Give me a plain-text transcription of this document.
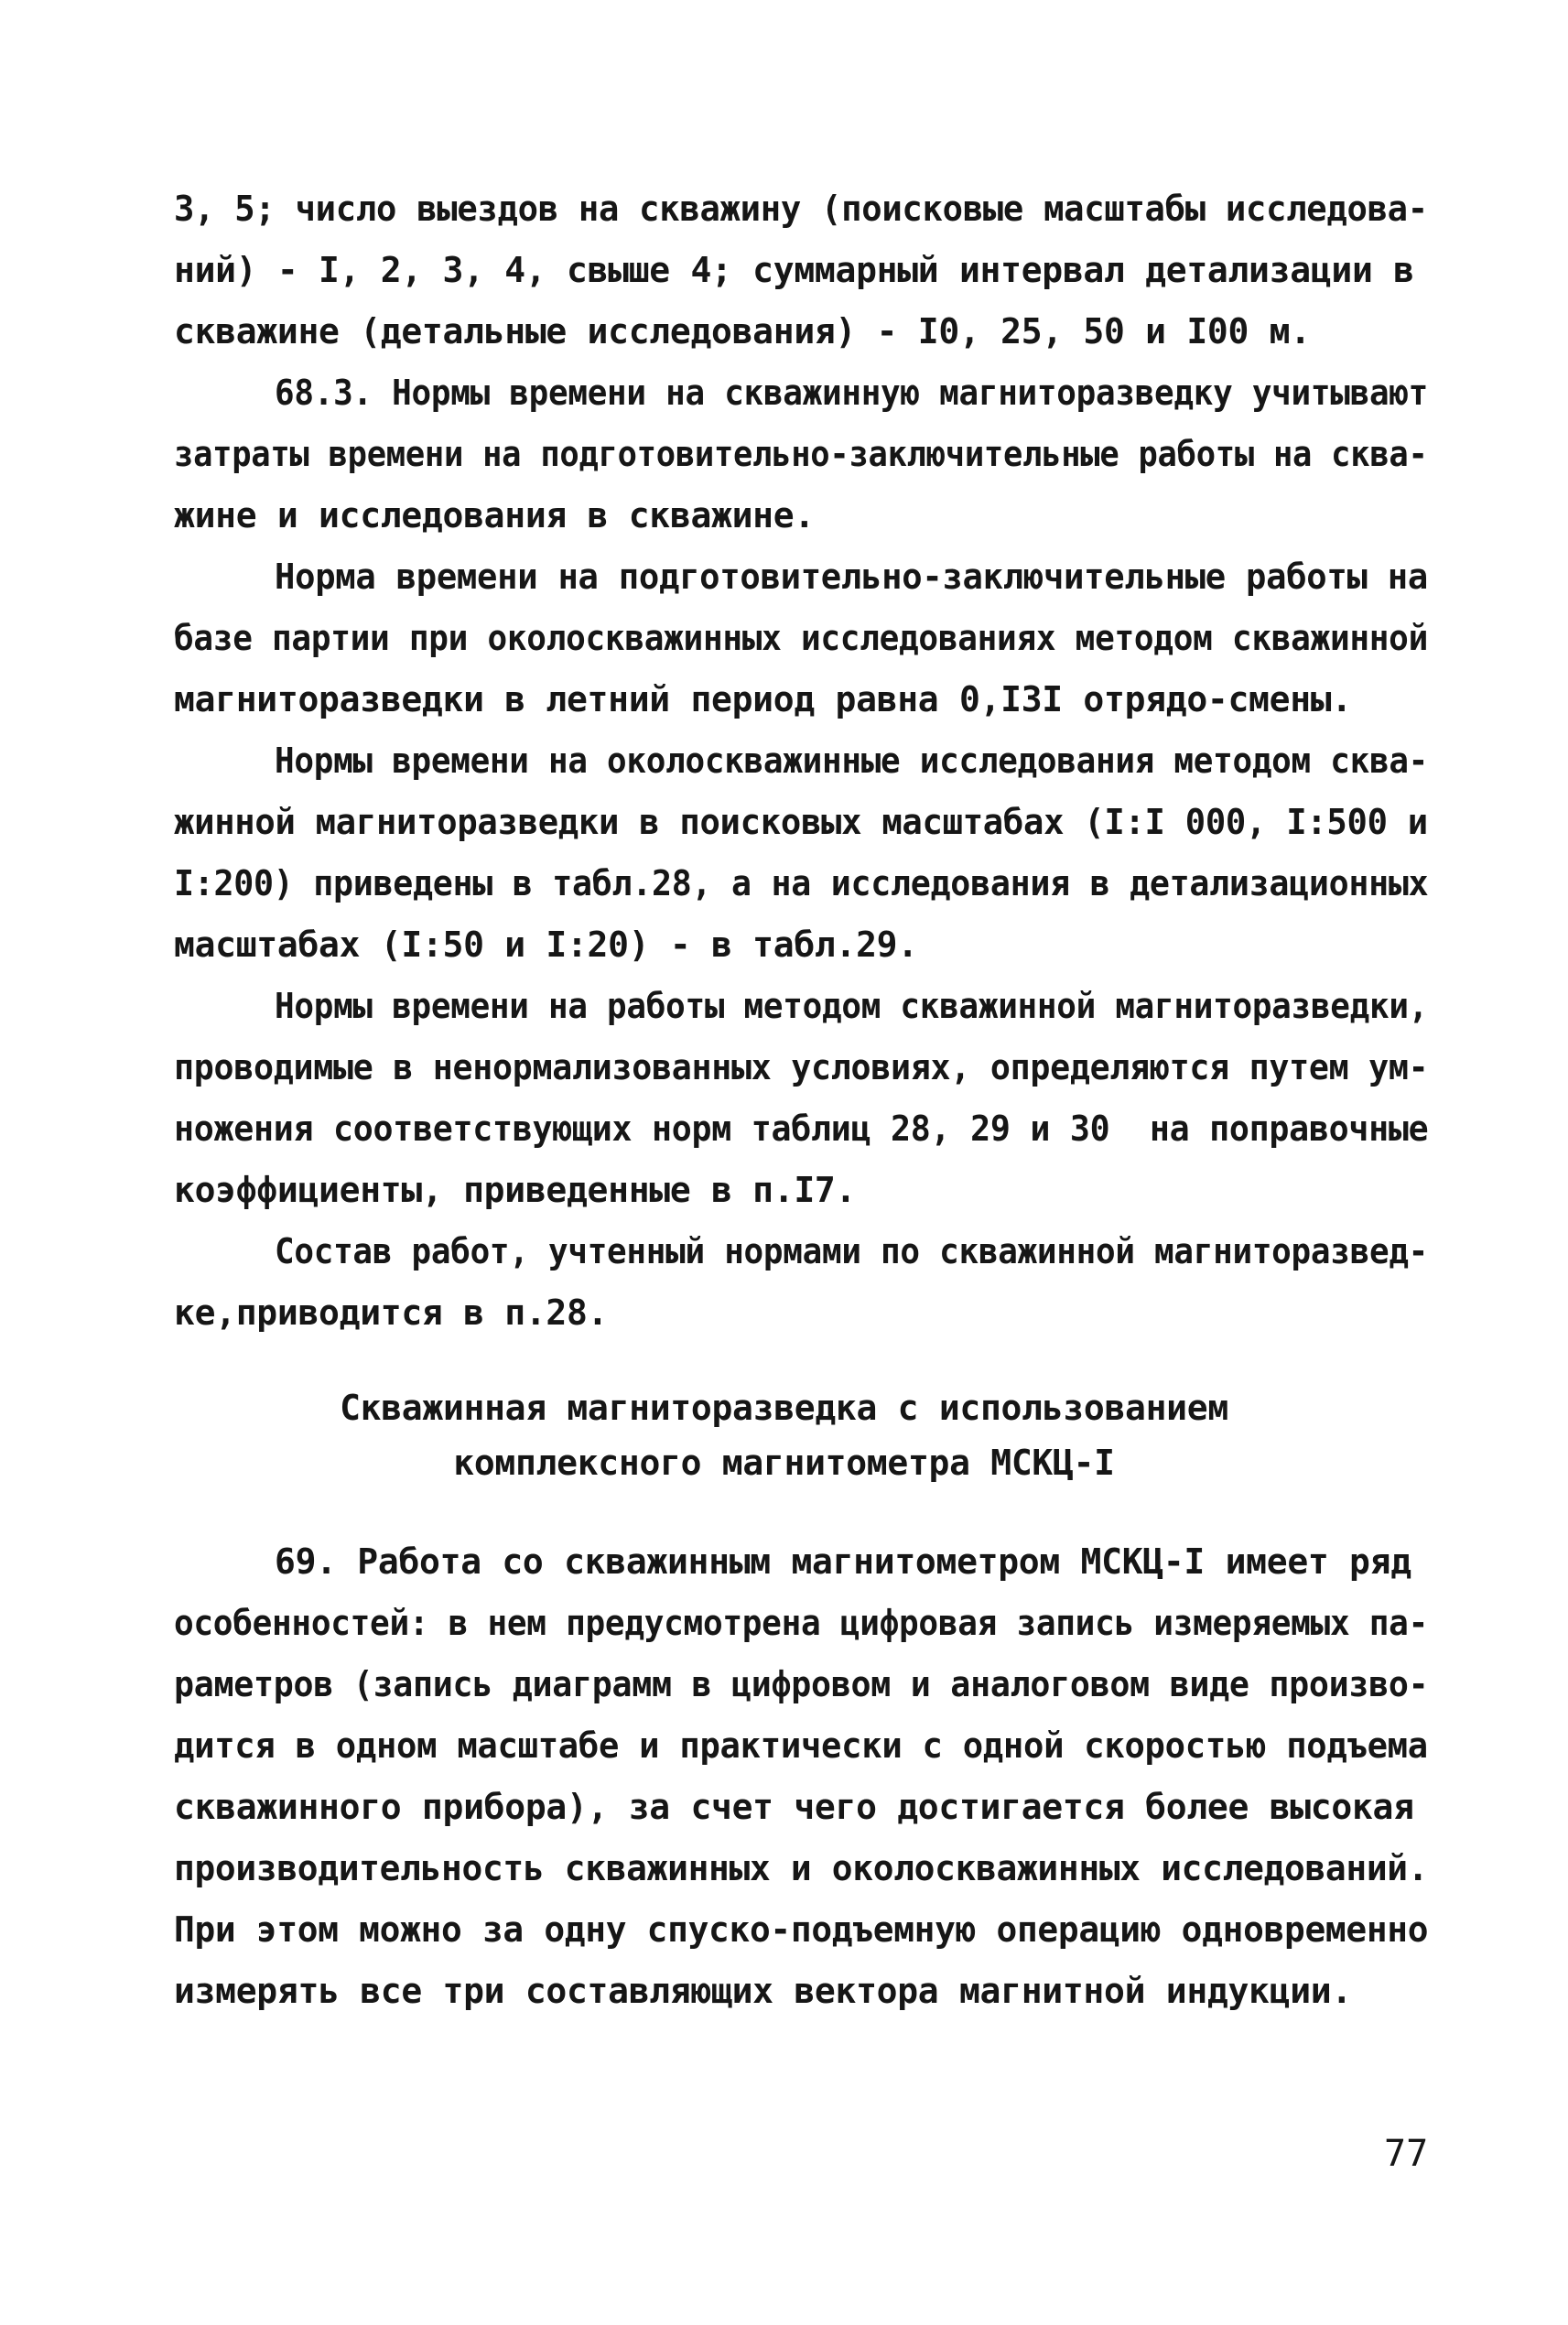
3, 5; число выездов на скважину (поисковые масштабы исследова-
ний) - I, 2, 3, 4, свыше 4; суммарный интервал детализации в
скважине (детальные исследования) - I0, 25, 50 и I00 м.
68.3. Нормы времени на скважинную магниторазведку учитывают
затраты времени на подготовительно-заключительные работы на сква-
жине и исследования в скважине.
Норма времени на подготовительно-заключительные работы на
базе партии при околоскважинных исследованиях методом скважинной
магниторазведки в летний период равна 0,I3I отрядо-смены.
Нормы времени на околоскважинные исследования методом сква-
жинной магниторазведки в поисковых масштабах (I:I 000, I:500 и
I:200) приведены в табл.28, а на исследования в детализационных
масштабах (I:50 и I:20) - в табл.29.
Нормы времени на работы методом скважинной магниторазведки,
проводимые в ненормализованных условиях, определяются путем ум-
ножения соответствующих норм таблиц 28, 29 и 30  на поправочные
коэффициенты, приведенные в п.I7.
Состав работ, учтенный нормами по скважинной магниторазвед-
ке,приводится в п.28.
Скважинная магниторазведка с использованием
комплексного магнитометра МСКЦ-I
69. Работа со скважинным магнитометром МСКЦ-I имеет ряд
особенностей: в нем предусмотрена цифровая запись измеряемых па-
раметров (запись диаграмм в цифровом и аналоговом виде произво-
дится в одном масштабе и практически с одной скоростью подъема
скважинного прибора), за счет чего достигается более высокая
производительность скважинных и околоскважинных исследований.
При этом можно за одну спуско-подъемную операцию одновременно
измерять все три составляющих вектора магнитной индукции.
77
